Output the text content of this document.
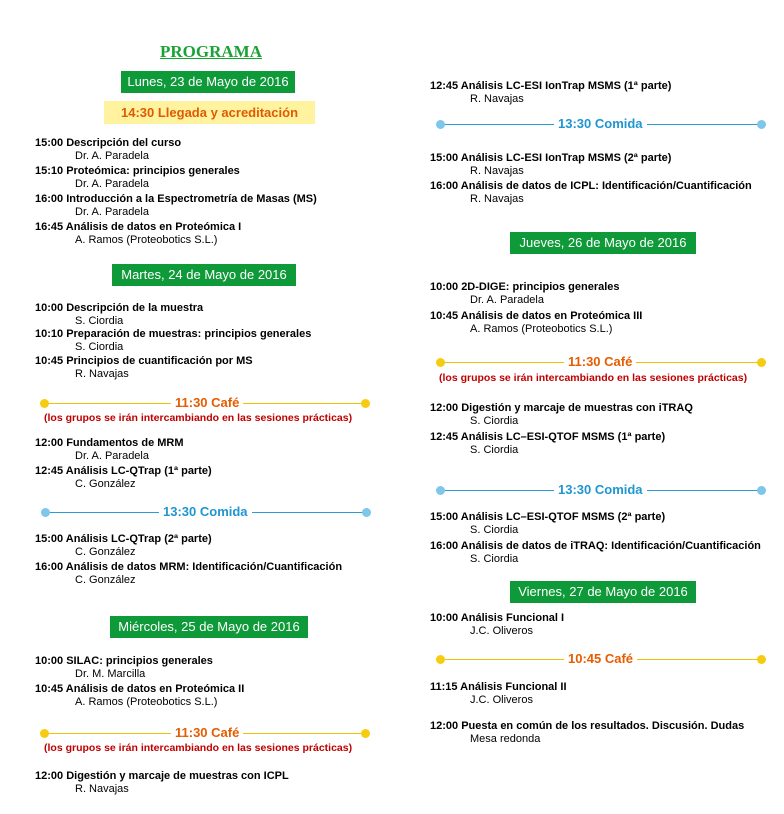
PROGRAMA
Lunes, 23 de Mayo de 2016
Martes, 24 de Mayo de 2016
Miércoles, 25 de Mayo de 2016
Jueves, 26 de Mayo de 2016
Viernes, 27 de Mayo de 2016
14:30 Llegada y acreditación
15:00 Descripción del curso
Dr. A. Paradela
15:10 Proteómica: principios generales
Dr. A. Paradela
16:00 Introducción a la Espectrometría de Masas (MS)
Dr. A. Paradela
16:45 Análisis de datos en Proteómica I
A. Ramos (Proteobotics S.L.)
10:00 Descripción de la muestra
S. Ciordia
10:10 Preparación de muestras: principios generales
S. Ciordia
10:45 Principios de cuantificación por MS
R. Navajas
11:30 Café
(los grupos se irán intercambiando en las sesiones prácticas)
12:00 Fundamentos de MRM
Dr. A. Paradela
12:45 Análisis LC-QTrap (1ª parte)
C. González
13:30 Comida
15:00 Análisis LC-QTrap (2ª parte)
C. González
16:00 Análisis de datos MRM: Identificación/Cuantificación
C. González
10:00 SILAC: principios generales
Dr. M. Marcilla
10:45 Análisis de datos en Proteómica II
A. Ramos (Proteobotics S.L.)
11:30 Café
(los grupos se irán intercambiando en las sesiones prácticas)
12:00 Digestión y marcaje de muestras con ICPL
R. Navajas
12:45 Análisis LC-ESI IonTrap MSMS (1ª parte)
R. Navajas
13:30 Comida
15:00 Análisis LC-ESI IonTrap MSMS (2ª parte)
R. Navajas
16:00 Análisis de datos de ICPL: Identificación/Cuantificación
R. Navajas
10:00 2D-DIGE: principios generales
Dr. A. Paradela
10:45 Análisis de datos en Proteómica III
A. Ramos (Proteobotics S.L.)
11:30 Café
(los grupos se irán intercambiando en las sesiones prácticas)
12:00 Digestión y marcaje de muestras con iTRAQ
S. Ciordia
12:45 Análisis LC–ESI-QTOF MSMS (1ª parte)
S. Ciordia
13:30 Comida
15:00 Análisis LC–ESI-QTOF MSMS (2ª parte)
S. Ciordia
16:00 Análisis de datos de iTRAQ: Identificación/Cuantificación
S. Ciordia
10:00 Análisis Funcional I
J.C. Oliveros
10:45 Café
11:15 Análisis Funcional II
J.C. Oliveros
12:00 Puesta en común de los resultados. Discusión. Dudas
Mesa redonda
